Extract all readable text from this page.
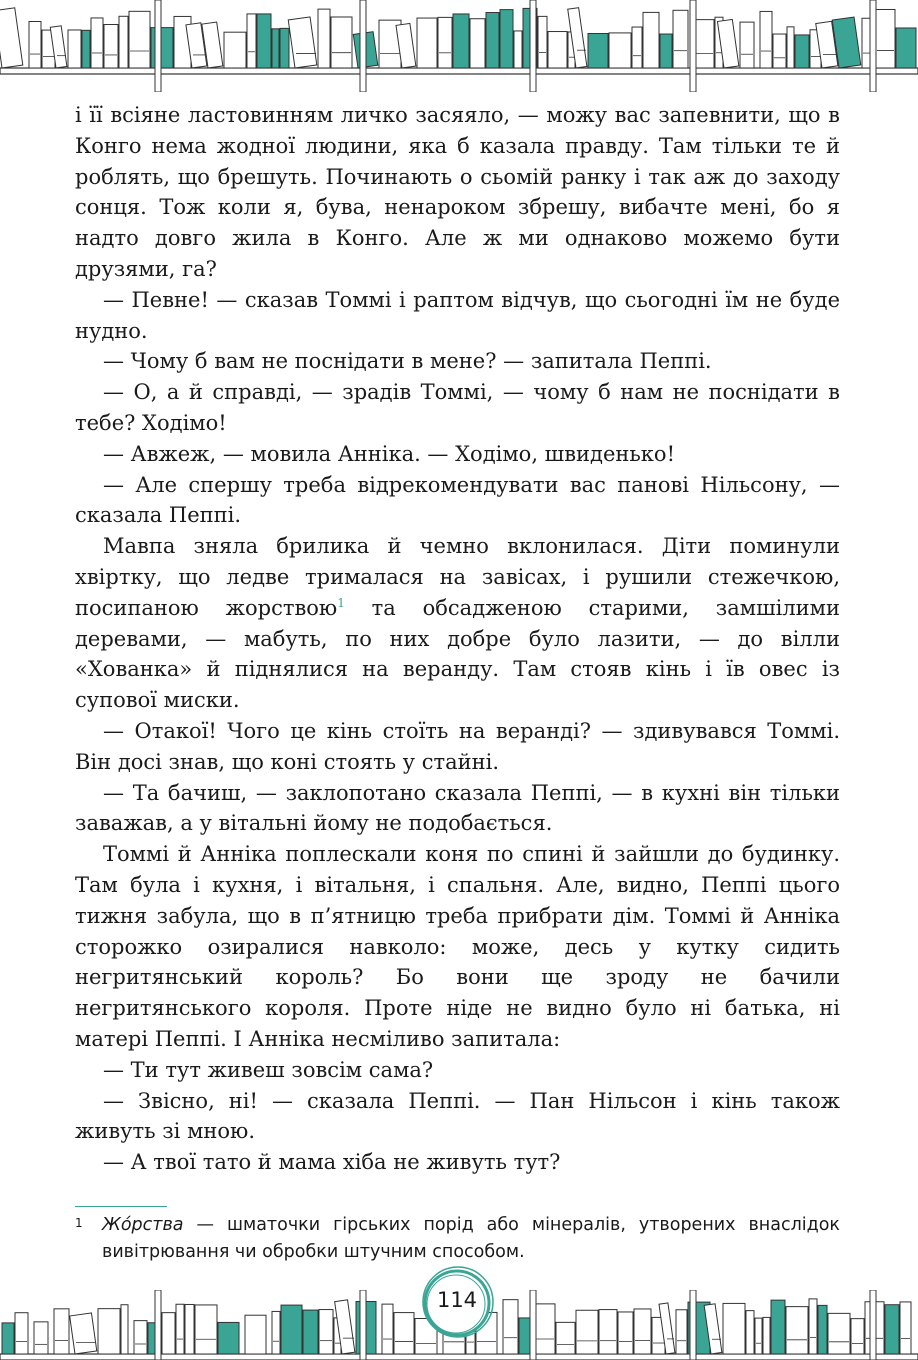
і її всіяне ластовинням личко засяяло, — можу вас запевнити, що в Конго нема жодної людини, яка б казала правду. Там тільки те й роблять, що брешуть. Починають о сьомій ранку і так аж до заходу сонця. Тож коли я, бува, ненароком збрешу, вибачте мені, бо я надто довго жила в Конго. Але ж ми однаково можемо бути друзями, га?

— Певне! — сказав Томмі і раптом відчув, що сьогодні їм не буде нудно.

— Чому б вам не поснідати в мене? — запитала Пеппі.

— О, а й справді, — зрадів Томмі, — чому б нам не поснідати в тебе? Ходімо!

— Авжеж, — мовила Анніка. — Ходімо, швиденько!

— Але спершу треба відрекомендувати вас панові Нільсону, — сказала Пеппі.

Мавпа зняла брилика й чемно вклонилася. Діти поминули хвіртку, що ледве трималася на завісах, і рушили стежечкою, посипаною жорствою$^1$ та обсадженою старими, замшілими деревами, — мабуть, по них добре було лазити, — до вілли «Хованка» й піднялися на веранду. Там стояв кінь і їв овес із супової миски.

— Отакої! Чого це кінь стоїть на веранді? — здивувався Томмі. Він досі знав, що коні стоять у стайні.

— Та бачиш, — заклопотано сказала Пеппі, — в кухні він тільки заважав, а у вітальні йому не подобається.

Томмі й Анніка поплескали коня по спині й зайшли до будинку. Там була і кухня, і вітальня, і спальня. Але, видно, Пеппі цього тижня забула, що в п’ятницю треба прибрати дім. Томмі й Анніка сторожко озиралися навколо: може, десь у кутку сидить негритянський король? Бо вони ще зроду не бачили негритянського короля. Проте ніде не видно було ні батька, ні матері Пеппі. І Анніка несміливо запитала:

— Ти тут живеш зовсім сама?

— Звісно, ні! — сказала Пеппі. — Пан Нільсон і кінь також живуть зі мною.

— А твої тато й мама хіба не живуть тут?

1	Жо́рства — шматочки гірських порід або мінералів, утворених внаслідок вивітрювання чи обробки штучним способом.
114
